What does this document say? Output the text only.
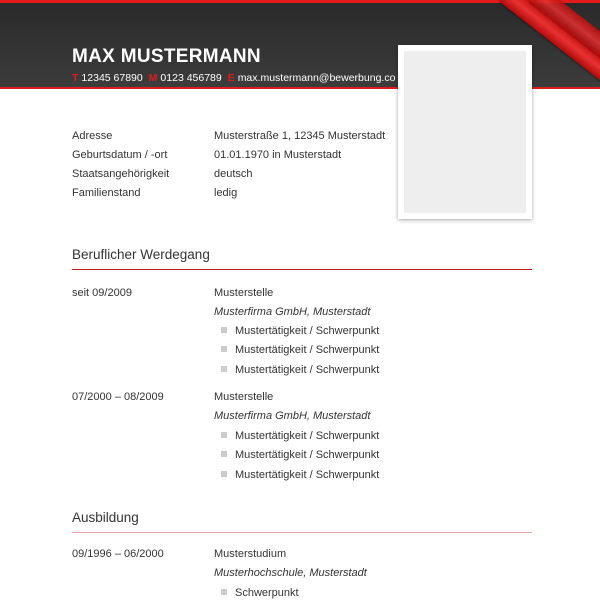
MAX MUSTERMANN
T 12345 67890 M 0123 456789 E max.mustermann@bewerbung.co
Adresse	Musterstraße 1, 12345 Musterstadt
Geburtsdatum / -ort	01.01.1970 in Musterstadt
Staatsangehörigkeit	deutsch
Familienstand	ledig
Beruflicher Werdegang
seit 09/2009	Musterstelle
Musterfirma GmbH, Musterstadt
Mustertätigkeit / Schwerpunkt
Mustertätigkeit / Schwerpunkt
Mustertätigkeit / Schwerpunkt
07/2000 – 08/2009	Musterstelle
Musterfirma GmbH, Musterstadt
Mustertätigkeit / Schwerpunkt
Mustertätigkeit / Schwerpunkt
Mustertätigkeit / Schwerpunkt
Ausbildung
09/1996 – 06/2000	Musterstudium
Musterhochschule, Musterstadt
Schwerpunkt
